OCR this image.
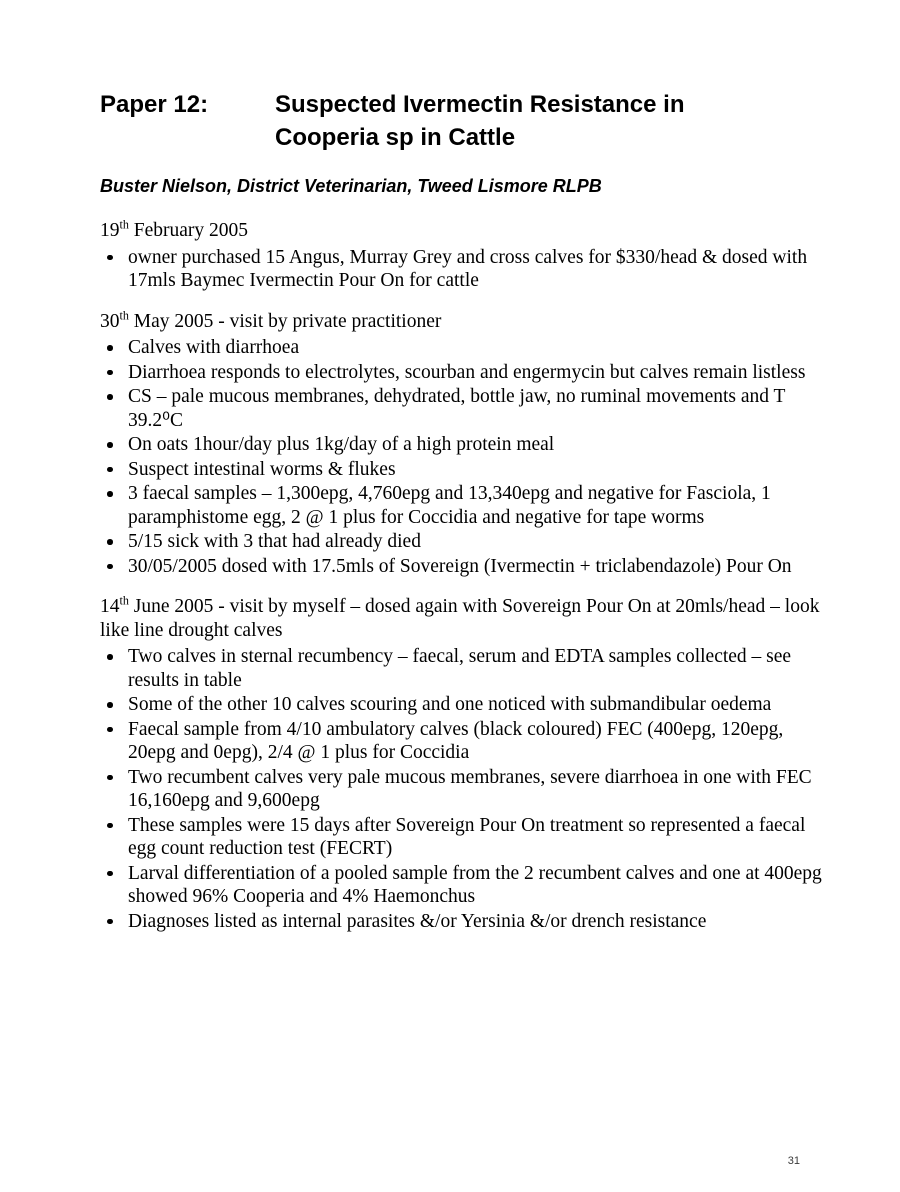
Paper 12:	Suspected Ivermectin Resistance in
Cooperia sp in Cattle
Buster Nielson, District Veterinarian, Tweed Lismore RLPB
19th February 2005
owner purchased 15 Angus, Murray Grey and cross calves for $330/head & dosed with 17mls Baymec Ivermectin Pour On for cattle
30th May 2005 - visit by private practitioner
Calves with diarrhoea
Diarrhoea responds to electrolytes, scourban and engermycin but calves remain listless
CS – pale mucous membranes, dehydrated, bottle jaw, no ruminal movements and T 39.2⁰C
On oats 1hour/day plus 1kg/day of a high protein meal
Suspect intestinal worms & flukes
3 faecal samples – 1,300epg, 4,760epg and 13,340epg and negative for Fasciola, 1 paramphistome egg, 2 @ 1 plus for Coccidia and negative for tape worms
5/15 sick with 3 that had already died
30/05/2005 dosed with 17.5mls of Sovereign (Ivermectin + triclabendazole) Pour On
14th June 2005 - visit by myself – dosed again with Sovereign Pour On at 20mls/head – look like line drought calves
Two calves in sternal recumbency – faecal, serum and EDTA samples collected – see results in table
Some of the other 10 calves scouring and one noticed with submandibular oedema
Faecal sample from 4/10 ambulatory calves (black coloured) FEC (400epg, 120epg, 20epg and 0epg), 2/4 @ 1 plus for Coccidia
Two recumbent calves very pale mucous membranes, severe diarrhoea in one with FEC 16,160epg and 9,600epg
These samples were 15 days after Sovereign Pour On treatment so represented a faecal egg count reduction test (FECRT)
Larval differentiation of a pooled sample from the 2 recumbent calves and one at 400epg showed 96% Cooperia and 4% Haemonchus
Diagnoses listed as internal parasites &/or Yersinia &/or drench resistance
31
